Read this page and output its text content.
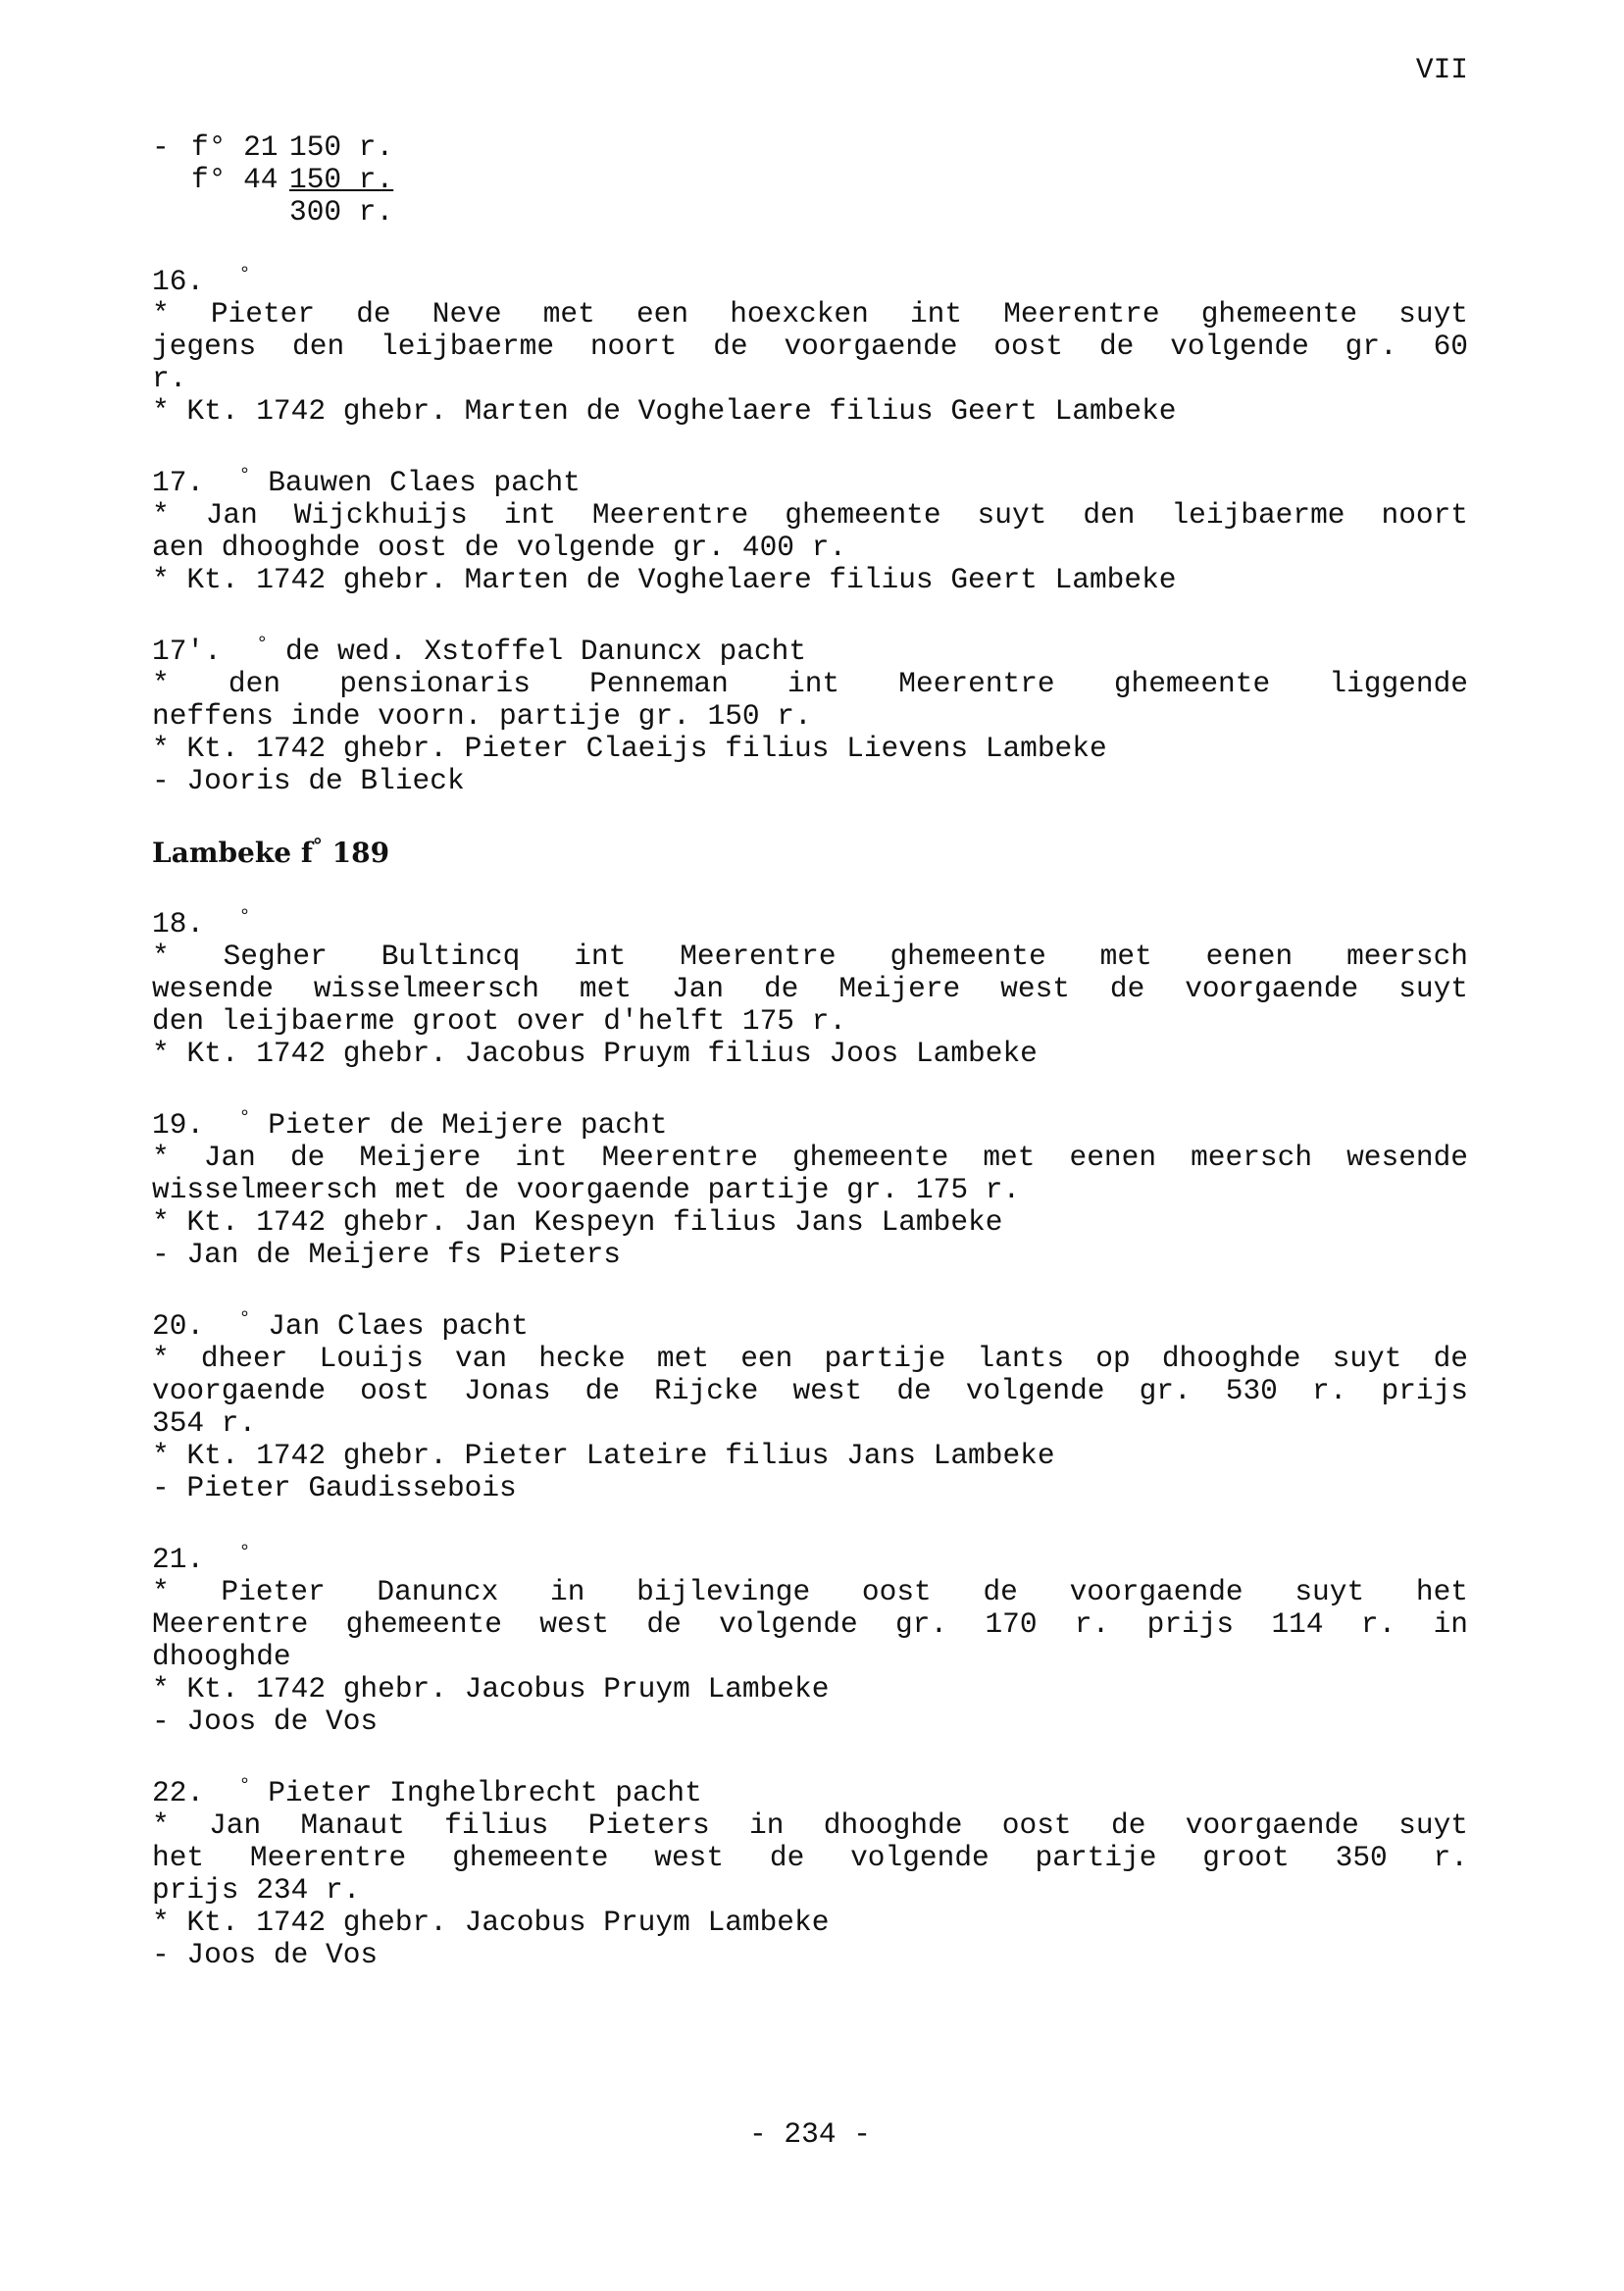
VII
- f° 21 150 r.
f° 44 150 r.
300 r.
16. °
* Pieter de Neve met een hoexcken int Meerentre ghemeente suyt
jegens den leijbaerme noort de voorgaende oost de volgende gr. 60
r.
* Kt. 1742 ghebr. Marten de Voghelaere filius Geert Lambeke
17. ° Bauwen Claes pacht
* Jan Wijckhuijs int Meerentre ghemeente suyt den leijbaerme noort
aen dhooghde oost de volgende gr. 400 r.
* Kt. 1742 ghebr. Marten de Voghelaere filius Geert Lambeke
17'. ° de wed. Xstoffel Danuncx pacht
* den pensionaris Penneman int Meerentre ghemeente liggende
neffens inde voorn. partije gr. 150 r.
* Kt. 1742 ghebr. Pieter Claeijs filius Lievens Lambeke
- Jooris de Blieck
Lambeke f° 189
18. °
* Segher Bultincq int Meerentre ghemeente met eenen meersch
wesende wisselmeersch met Jan de Meijere west de voorgaende suyt
den leijbaerme groot over d'helft 175 r.
* Kt. 1742 ghebr. Jacobus Pruym filius Joos Lambeke
19. ° Pieter de Meijere pacht
* Jan de Meijere int Meerentre ghemeente met eenen meersch wesende
wisselmeersch met de voorgaende partije gr. 175 r.
* Kt. 1742 ghebr. Jan Kespeyn filius Jans Lambeke
- Jan de Meijere fs Pieters
20. ° Jan Claes pacht
* dheer Louijs van hecke met een partije lants op dhooghde suyt de
voorgaende oost Jonas de Rijcke west de volgende gr. 530 r. prijs
354 r.
* Kt. 1742 ghebr. Pieter Lateire filius Jans Lambeke
- Pieter Gaudissebois
21. °
* Pieter Danuncx in bijlevinge oost de voorgaende suyt het
Meerentre ghemeente west de volgende gr. 170 r. prijs 114 r. in
dhooghde
* Kt. 1742 ghebr. Jacobus Pruym Lambeke
- Joos de Vos
22. ° Pieter Inghelbrecht pacht
* Jan Manaut filius Pieters in dhooghde oost de voorgaende suyt
het Meerentre ghemeente west de volgende partije groot 350 r.
prijs 234 r.
* Kt. 1742 ghebr. Jacobus Pruym Lambeke
- Joos de Vos
- 234 -
